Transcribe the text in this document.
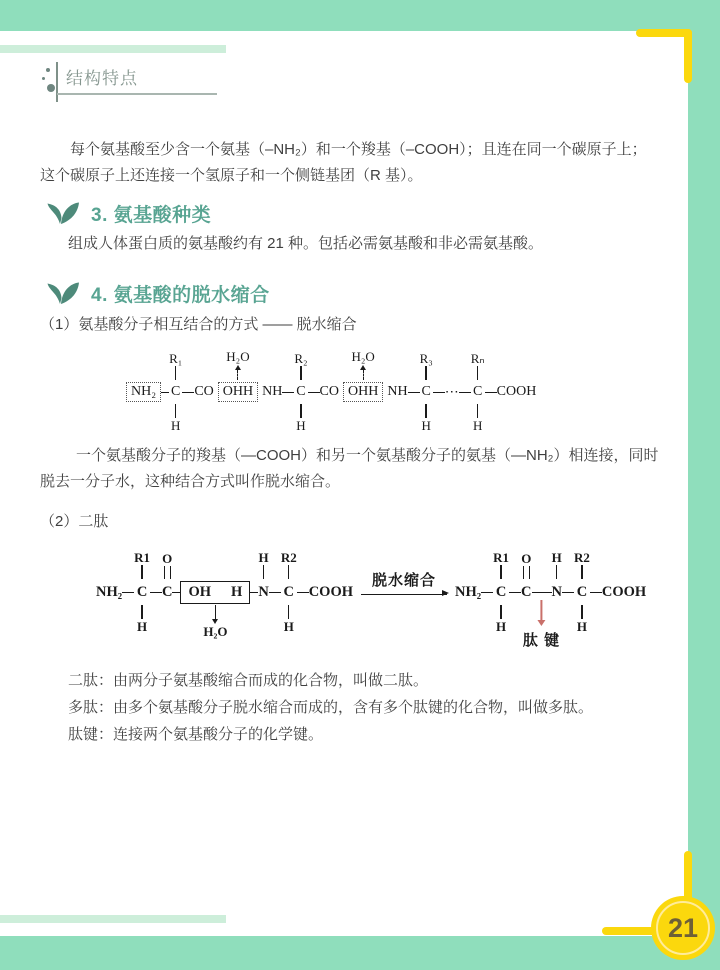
21
结构特点
每个氨基酸至少含一个氨基（–NH₂）和一个羧基（–COOH）；且连在同一个碳原子上；这个碳原子上还连接一个氢原子和一个侧链基团（R 基）。
3. 氨基酸种类
组成人体蛋白质的氨基酸约有 21 种。包括必需氨基酸和非必需氨基酸。
4. 氨基酸的脱水缩合
（1）氨基酸分子相互结合的方式 —— 脱水缩合
NH₂
R₁
C
H
CO
H₂O
OHH NH
R₂
C
H
CO
H₂O
OHH NH
R₃
C
H
⋯
Rₙ
C
H
COOH
一个氨基酸分子的羧基（—COOH）和另一个氨基酸分子的氨基（—NH₂）相连接，同时脱去一分子水，这种结合方式叫作脱水缩合。
（2）二肽
NH₂
R1
C
H
O
C OH H
H₂O
H
N
R2
C
H
COOH
脱水缩合
NH₂
R1
C
H
O
C
肽 键
H
N
R2
C
H
COOH
二肽：由两分子氨基酸缩合而成的化合物，叫做二肽。
多肽：由多个氨基酸分子脱水缩合而成的，含有多个肽键的化合物，叫做多肽。
肽键：连接两个氨基酸分子的化学键。
